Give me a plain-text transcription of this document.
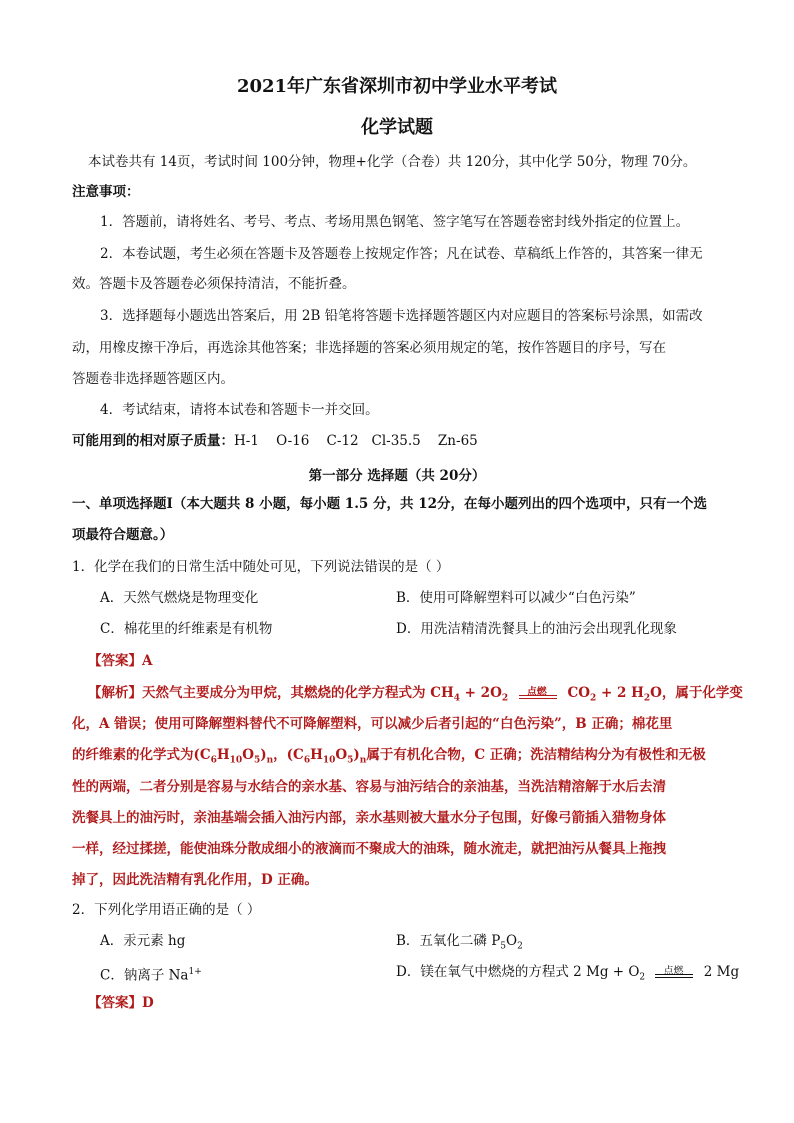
2021年广东省深圳市初中学业水平考试
化学试题
本试卷共有 14页，考试时间 100分钟，物理+化学（合卷）共 120分，其中化学 50分，物理 70分。
注意事项：
1．答题前，请将姓名、考号、考点、考场用黑色钢笔、签字笔写在答题卷密封线外指定的位置上。
2．本卷试题，考生必须在答题卡及答题卷上按规定作答；凡在试卷、草稿纸上作答的，其答案一律无
效。答题卡及答题卷必须保持清洁，不能折叠。
3．选择题每小题选出答案后，用 2B 铅笔将答题卡选择题答题区内对应题目的答案标号涂黑，如需改
动，用橡皮擦干净后，再选涂其他答案；非选择题的答案必须用规定的笔，按作答题目的序号，写在
答题卷非选择题答题区内。
4．考试结束，请将本试卷和答题卡一并交回。
可能用到的相对原子质量：H-1    O-16    C-12   Cl-35.5    Zn-65
第一部分 选择题（共 20分）
一、单项选择题Ⅰ（本大题共 8 小题，每小题 1.5 分，共 12分，在每小题列出的四个选项中，只有一个选
项最符合题意。）
1．化学在我们的日常生活中随处可见，下列说法错误的是（ ）
A．天然气燃烧是物理变化	B．使用可降解塑料可以减少“白色污染”
C．棉花里的纤维素是有机物	D．用洗洁精清洗餐具上的油污会出现乳化现象
【答案】A
【解析】天然气主要成分为甲烷，其燃烧的化学方程式为 $CH_4 + 2O_2$
点燃 $CO_2 + 2$ $H_2O$，属于化学变
化，A 错误；使用可降解塑料替代不可降解塑料，可以减少后者引起的“白色污染”，B 正确；棉花里
的纤维素的化学式为$(C_6H_{10}O_5)_n$，$(C_6H_{10}O_5)_n$属于有机化合物，C 正确；洗洁精结构分为有极性和无极
性的两端，二者分别是容易与水结合的亲水基、容易与油污结合的亲油基，当洗洁精溶解于水后去清
洗餐具上的油污时，亲油基端会插入油污内部，亲水基则被大量水分子包围，好像弓箭插入猎物身体
一样，经过揉搓，能使油珠分散成细小的液滴而不聚成大的油珠，随水流走，就把油污从餐具上拖拽
掉了，因此洗洁精有乳化作用，D 正确。
2．下列化学用语正确的是（ ）
A．汞元素 hg	B．五氧化二磷 $P_5O_2$
C．钠离子 $Na^{1+}$	D．镁在氧气中燃烧的方程式 2 $Mg + O_2$
点燃 2 Mg
【答案】D
